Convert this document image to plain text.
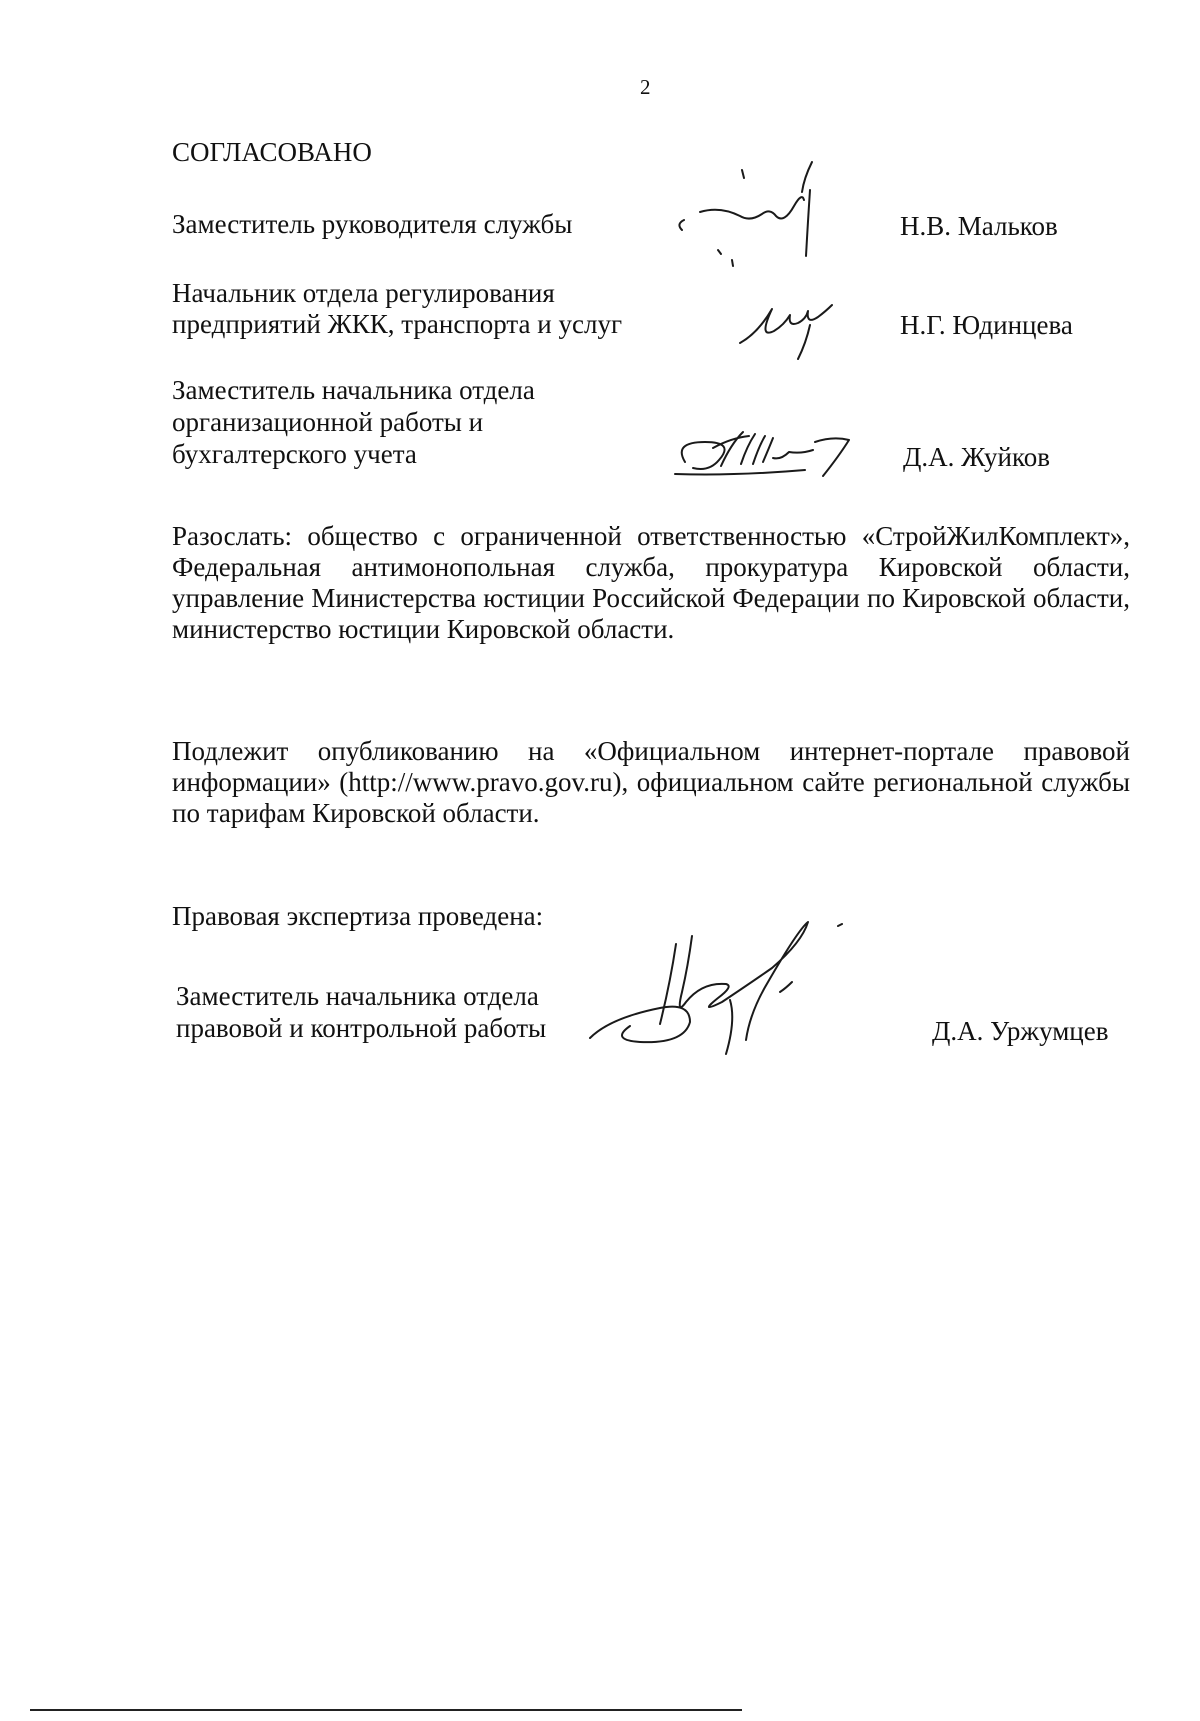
2
СОГЛАСОВАНО
Заместитель руководителя службы	Н.В. Мальков
Начальник отдела регулирования
предприятий ЖКК, транспорта и услуг	Н.Г. Юдинцева
Заместитель начальника отдела
организационной работы и
бухгалтерского учета	Д.А. Жуйков
Разослать: общество с ограниченной ответственностью «СтройЖилКомплект», Федеральная антимонопольная служба, прокуратура Кировской области, управление Министерства юстиции Российской Федерации по Кировской области, министерство юстиции Кировской области.
Подлежит опубликованию на «Официальном интернет-портале правовой информации» (http://www.pravo.gov.ru), официальном сайте региональной службы по тарифам Кировской области.
Правовая экспертиза проведена:
Заместитель начальника отдела
правовой и контрольной работы	Д.А. Уржумцев
